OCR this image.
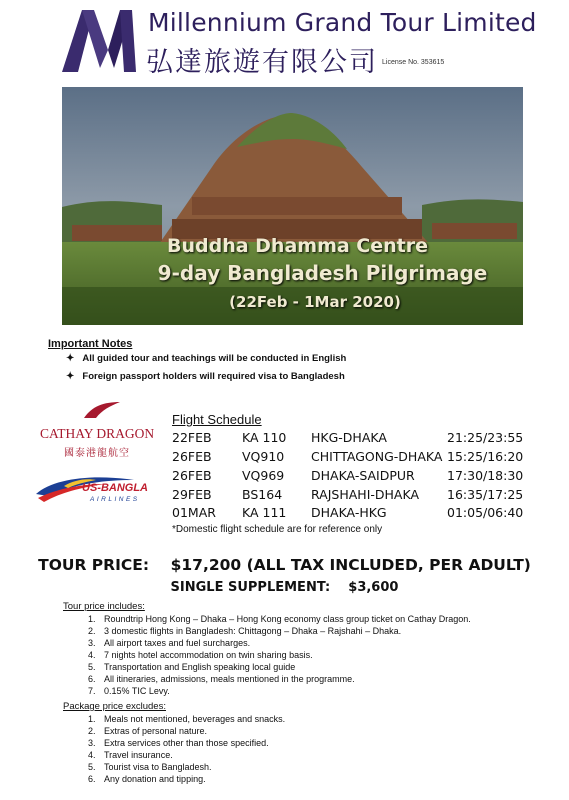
Millennium Grand Tour Limited
弘達旅遊有限公司 License No. 353615
Buddha Dhamma Centre
9-day Bangladesh Pilgrimage
(22Feb - 1Mar 2020)
Important Notes
✦ All guided tour and teachings will be conducted in English
✦ Foreign passport holders will required visa to Bangladesh
CATHAY DRAGON
國泰港龍航空
US-BANGLA
AIRLINES
Flight Schedule
22FEB KA 110 HKG-DHAKA	21:25/23:55
26FEB VQ910 CHITTAGONG-DHAKA 15:25/16:20
26FEB VQ969 DHAKA-SAIDPUR	17:30/18:30
29FEB BS164 RAJSHAHI-DHAKA 16:35/17:25
01MAR KA 111 DHAKA-HKG	01:05/06:40
*Domestic flight schedule are for reference only
TOUR PRICE:    $17,200 (ALL TAX INCLUDED, PER ADULT)
SINGLE SUPPLEMENT:    $3,600
Tour price includes:
1. Roundtrip Hong Kong – Dhaka – Hong Kong economy class group ticket on Cathay Dragon.
2. 3 domestic flights in Bangladesh: Chittagong – Dhaka – Rajshahi – Dhaka.
3. All airport taxes and fuel surcharges.
4. 7 nights hotel accommodation on twin sharing basis.
5. Transportation and English speaking local guide
6. All itineraries, admissions, meals mentioned in the programme.
7. 0.15% TIC Levy.
Package price excludes:
1. Meals not mentioned, beverages and snacks.
2. Extras of personal nature.
3. Extra services other than those specified.
4. Travel insurance.
5. Tourist visa to Bangladesh.
6. Any donation and tipping.
